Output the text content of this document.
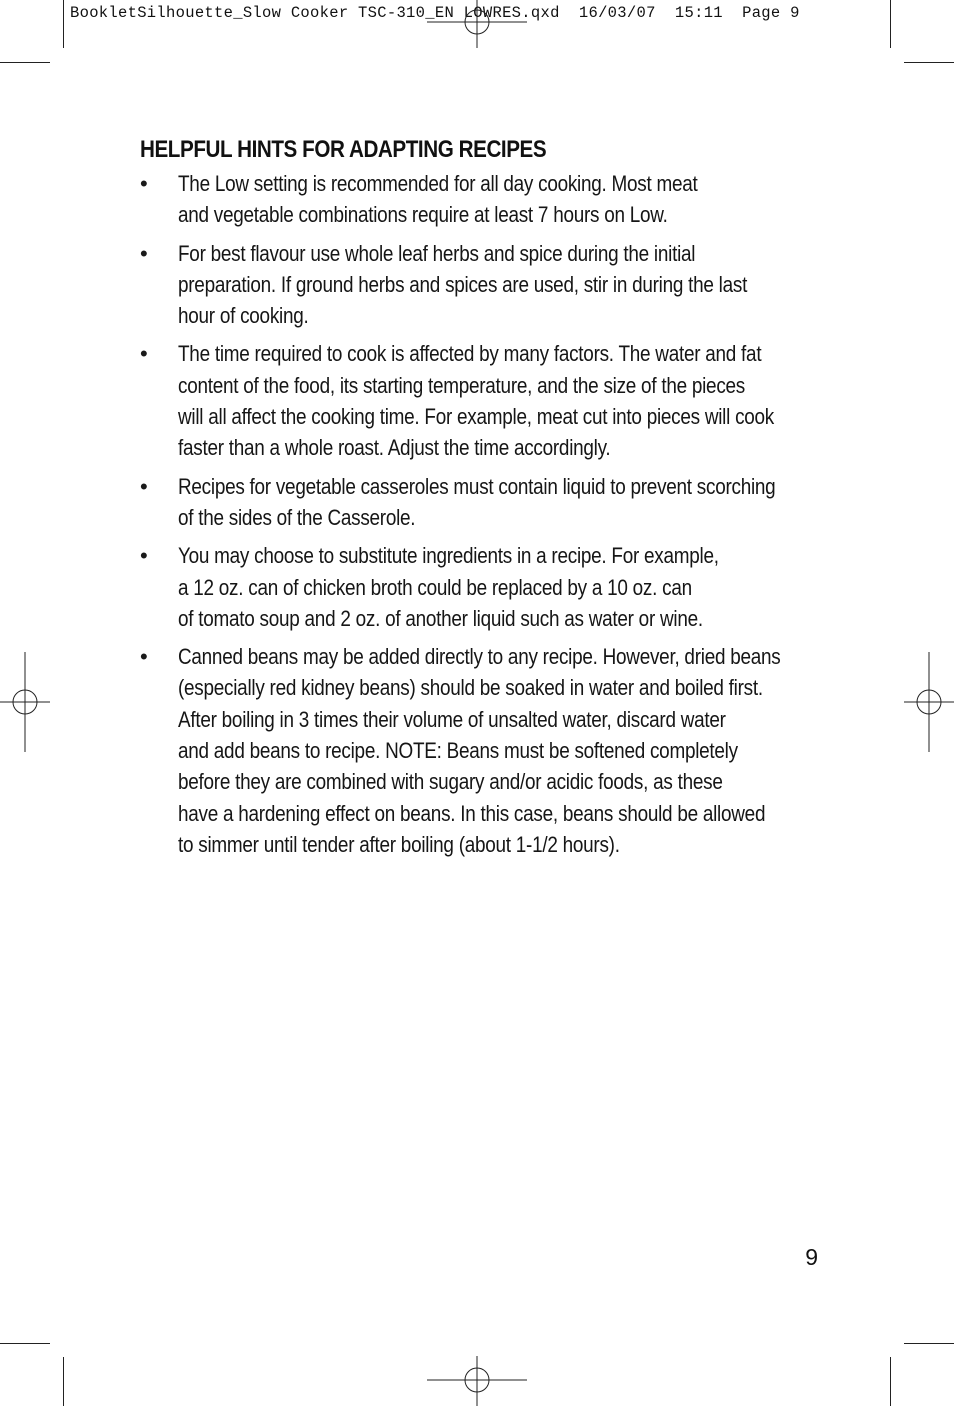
BookletSilhouette_Slow Cooker TSC-310_EN LOWRES.qxd  16/03/07  15:11  Page 9
HELPFUL HINTS FOR ADAPTING RECIPES
• The Low setting is recommended for all day cooking. Most meat
and vegetable combinations require at least 7 hours on Low.
• For best flavour use whole leaf herbs and spice during the initial
preparation. If ground herbs and spices are used, stir in during the last
hour of cooking.
• The time required to cook is affected by many factors. The water and fat
content of the food, its starting temperature, and the size of the pieces
will all affect the cooking time. For example, meat cut into pieces will cook
faster than a whole roast. Adjust the time accordingly.
• Recipes for vegetable casseroles must contain liquid to prevent scorching
of the sides of the Casserole.
• You may choose to substitute ingredients in a recipe. For example,
a 12 oz. can of chicken broth could be replaced by a 10 oz. can
of tomato soup and 2 oz. of another liquid such as water or wine.
• Canned beans may be added directly to any recipe. However, dried beans
(especially red kidney beans) should be soaked in water and boiled first.
After boiling in 3 times their volume of unsalted water, discard water
and add beans to recipe. NOTE: Beans must be softened completely
before they are combined with sugary and/or acidic foods, as these
have a hardening effect on beans. In this case, beans should be allowed
to simmer until tender after boiling (about 1-1/2 hours).
9
